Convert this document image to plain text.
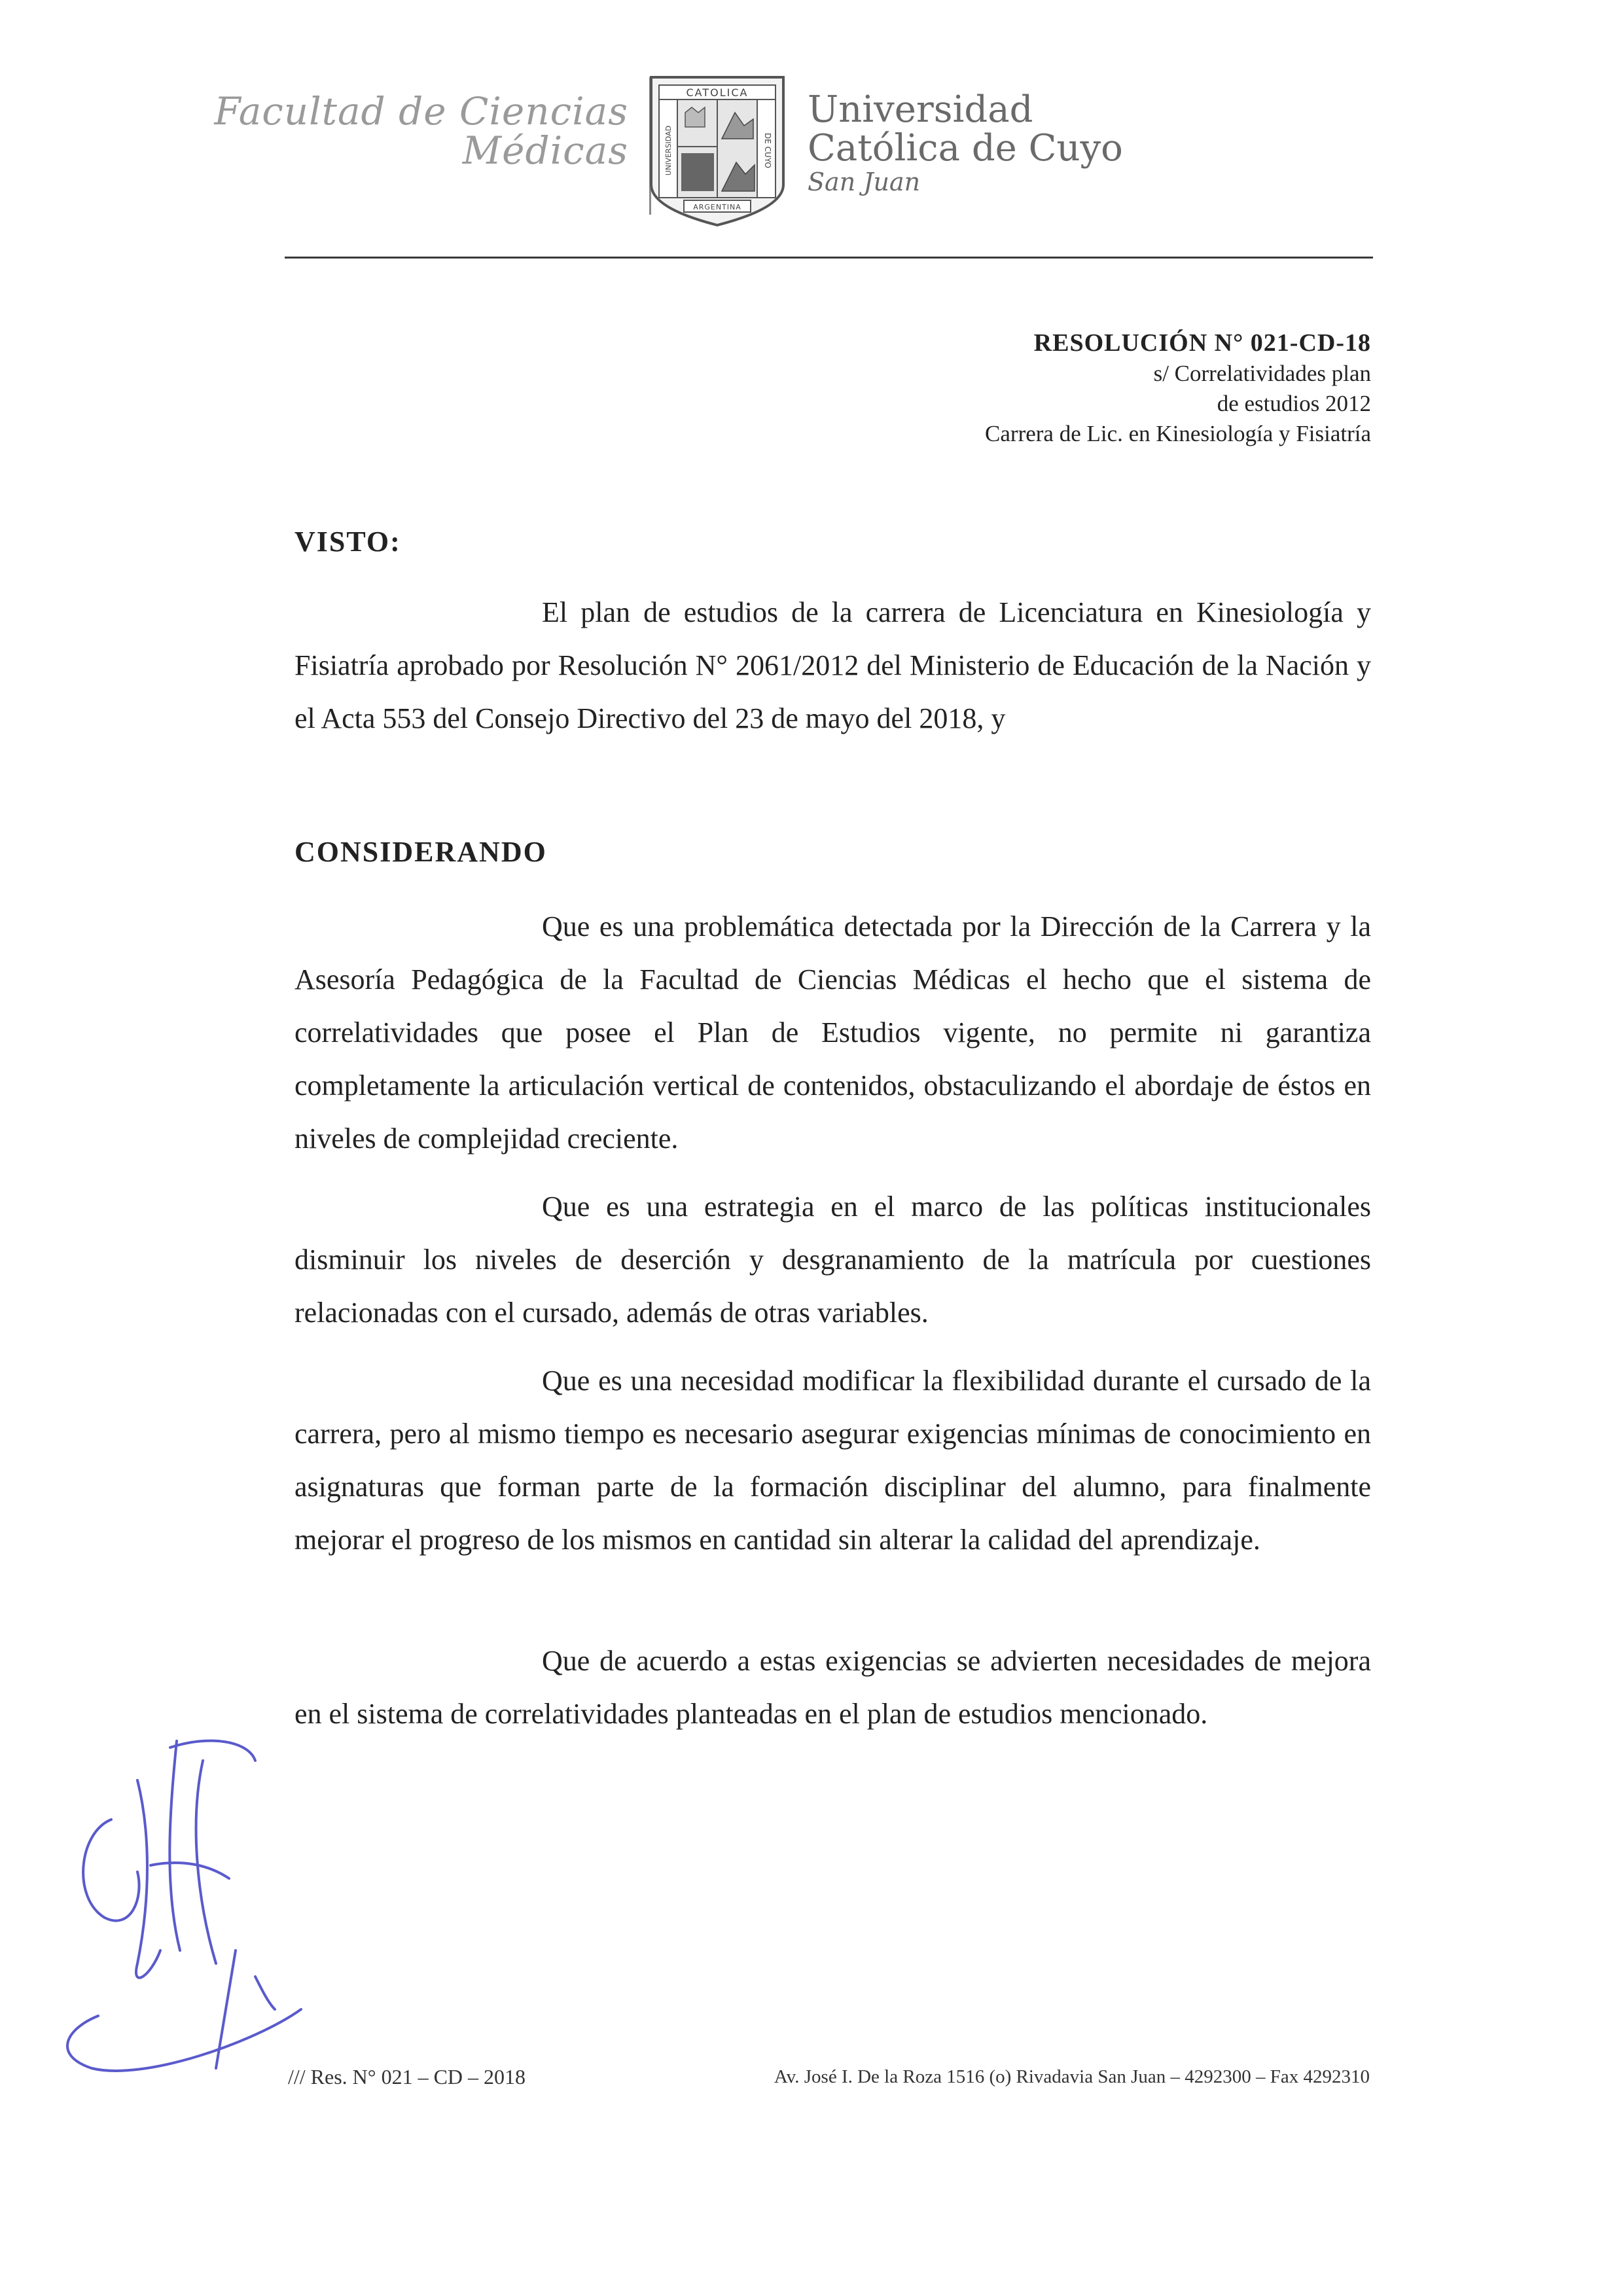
Facultad de Ciencias
Médicas
CATOLICA
UNIVERSIDAD	DE CUYO
ARGENTINA
Universidad
Católica de Cuyo
San Juan
RESOLUCIÓN N° 021-CD-18
s/ Correlatividades plan
de estudios 2012
Carrera de Lic. en Kinesiología y Fisiatría
VISTO:
El plan de estudios de la carrera de Licenciatura en Kinesiología y Fisiatría aprobado por Resolución N° 2061/2012 del Ministerio de Educación de la Nación y el Acta 553 del Consejo Directivo del 23 de mayo del 2018, y
CONSIDERANDO
Que es una problemática detectada por la Dirección de la Carrera y la Asesoría Pedagógica de la Facultad de Ciencias Médicas el hecho que el sistema de correlatividades que posee el Plan de Estudios vigente, no permite ni garantiza completamente la articulación vertical de contenidos, obstaculizando el abordaje de éstos en niveles de complejidad creciente.
Que es una estrategia en el marco de las políticas institucionales disminuir los niveles de deserción y desgranamiento de la matrícula por cuestiones relacionadas con el cursado, además de otras variables.
Que es una necesidad modificar la flexibilidad durante el cursado de la carrera, pero al mismo tiempo es necesario asegurar exigencias mínimas de conocimiento en asignaturas que forman parte de la formación disciplinar del alumno, para finalmente mejorar el progreso de los mismos en cantidad sin alterar la calidad del aprendizaje.
Que de acuerdo a estas exigencias se advierten necesidades de mejora en el sistema de correlatividades planteadas en el plan de estudios mencionado.
/// Res. N° 021 – CD – 2018	Av. José I. De la Roza 1516 (o) Rivadavia San Juan – 4292300 – Fax 4292310
